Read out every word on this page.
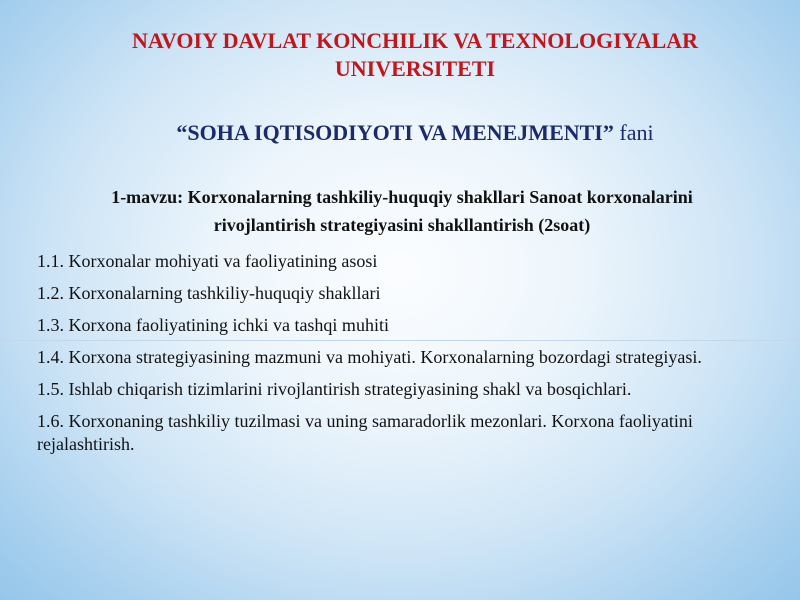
NAVOIY DAVLAT KONCHILIK VA TEXNOLOGIYALAR
UNIVERSITETI
“SOHA IQTISODIYOTI VA MENEJMENTI” fani

1-mavzu: Korxonalarning tashkiliy-huquqiy shakllari Sanoat korxonalarini
rivojlantirish strategiyasini shakllantirish (2soat)

1.1. Korxonalar mohiyati va faoliyatining asosi
1.2. Korxonalarning tashkiliy-huquqiy shakllari
1.3. Korxona faoliyatining ichki va tashqi muhiti
1.4. Korxona strategiyasining mazmuni va mohiyati. Korxonalarning bozordagi strategiyasi.
1.5. Ishlab chiqarish tizimlarini rivojlantirish strategiyasining shakl va bosqichlari.
1.6. Korxonaning tashkiliy tuzilmasi va uning samaradorlik mezonlari. Korxona faoliyatini rejalashtirish.
